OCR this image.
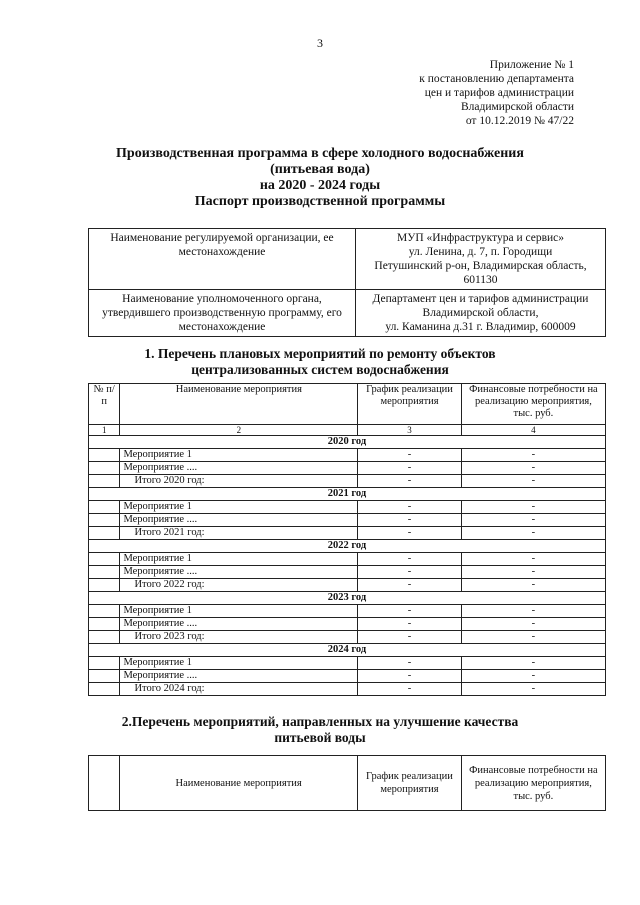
3
Приложение № 1
к постановлению департамента
цен и тарифов администрации
Владимирской области
от 10.12.2019 № 47/22
Производственная программа в сфере холодного водоснабжения
(питьевая вода)
на 2020 - 2024 годы
Паспорт производственной программы
Наименование регулируемой организации, ее местонахождение	МУП «Инфраструктура и сервис»
ул. Ленина, д. 7, п. Городищи
Петушинский р-он, Владимирская область,
601130

Наименование уполномоченного органа, утвердившего производственную программу, его местонахождение	Департамент цен и тарифов администрации
Владимирской области,
ул. Каманина д.31 г. Владимир, 600009
1. Перечень плановых мероприятий по ремонту объектов
централизованных систем водоснабжения
№ п/п	Наименование мероприятия	График реализации мероприятия	Финансовые потребности на реализацию мероприятия, тыс. руб.
1	2	3	4
2020 год			
	Мероприятие 1	-	-
	Мероприятие ....	-	-
	Итого 2020 год:	-	-
2021 год			
	Мероприятие 1	-	-
	Мероприятие ....	-	-
	Итого 2021 год:	-	-
2022 год			
	Мероприятие 1	-	-
	Мероприятие ....	-	-
	Итого 2022 год:	-	-
2023 год			
	Мероприятие 1	-	-
	Мероприятие ....	-	-
	Итого 2023 год:	-	-
2024 год			
	Мероприятие 1	-	-
	Мероприятие ....	-	-
	Итого 2024 год:	-	-
2.Перечень мероприятий, направленных на улучшение качества
питьевой воды
	Наименование мероприятия	График реализации мероприятия	Финансовые потребности на реализацию мероприятия, тыс. руб.
